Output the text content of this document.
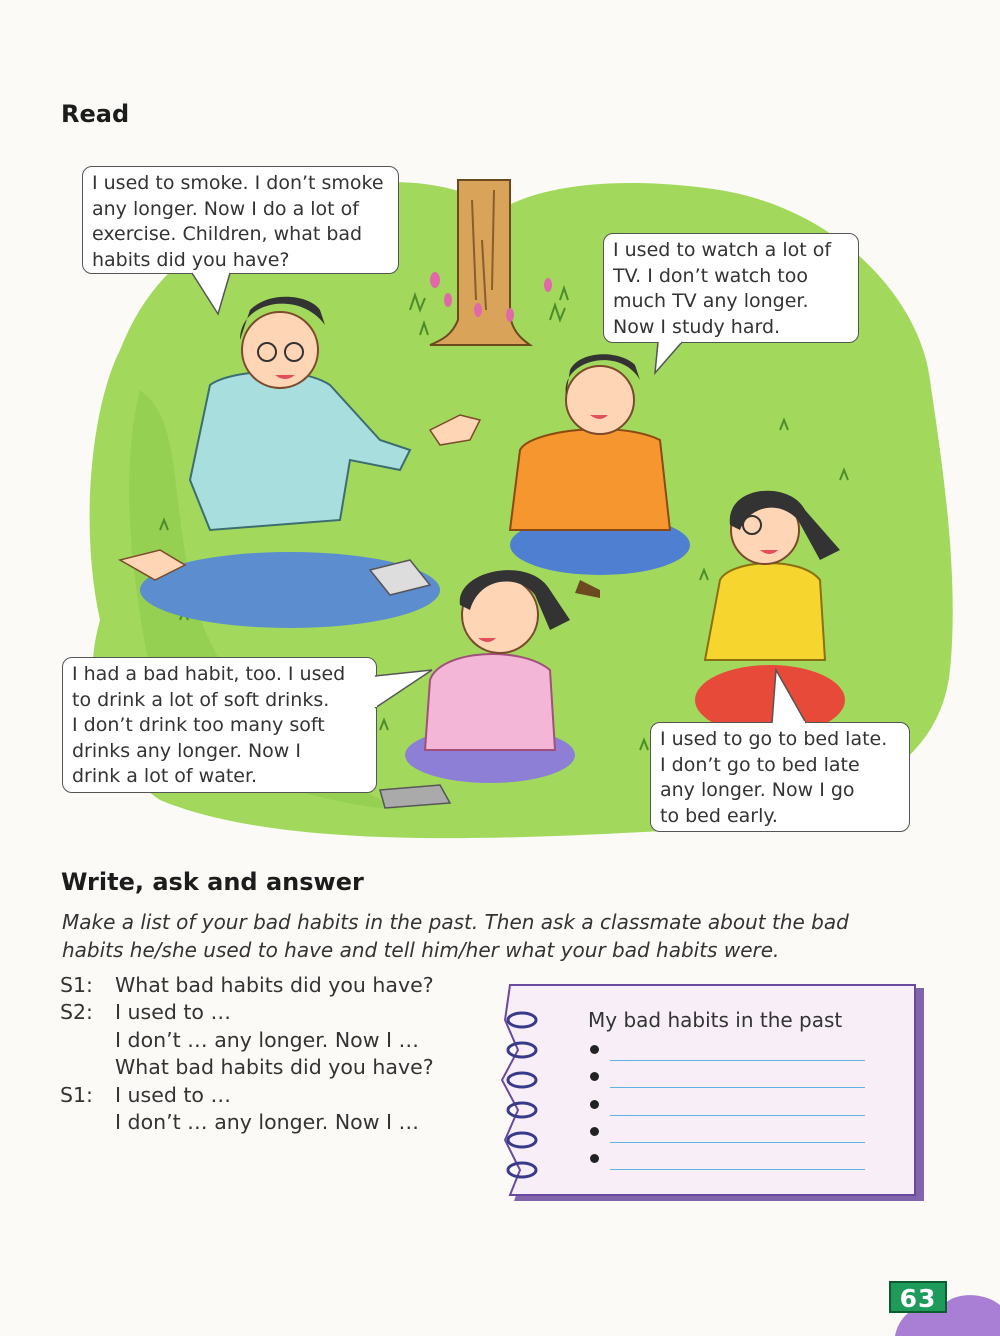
Read
I used to smoke. I don’t smoke
any longer. Now I do a lot of
exercise. Children, what bad
habits did you have?	I used to watch a lot of
TV. I don’t watch too
much TV any longer.
Now I study hard.
I had a bad habit, too. I used
to drink a lot of soft drinks.
I don’t drink too many soft
drinks any longer. Now I
drink a lot of water.
I used to go to bed late.
I don’t go to bed late
any longer. Now I go
to bed early.
Write, ask and answer
Make a list of your bad habits in the past. Then ask a classmate about the bad
habits he/she used to have and tell him/her what your bad habits were.
S1:	What bad habits did you have?
S2:	I used to …
I don’t … any longer. Now I …
What bad habits did you have?
S1:	I used to …
I don’t … any longer. Now I …
My bad habits in the past
63
